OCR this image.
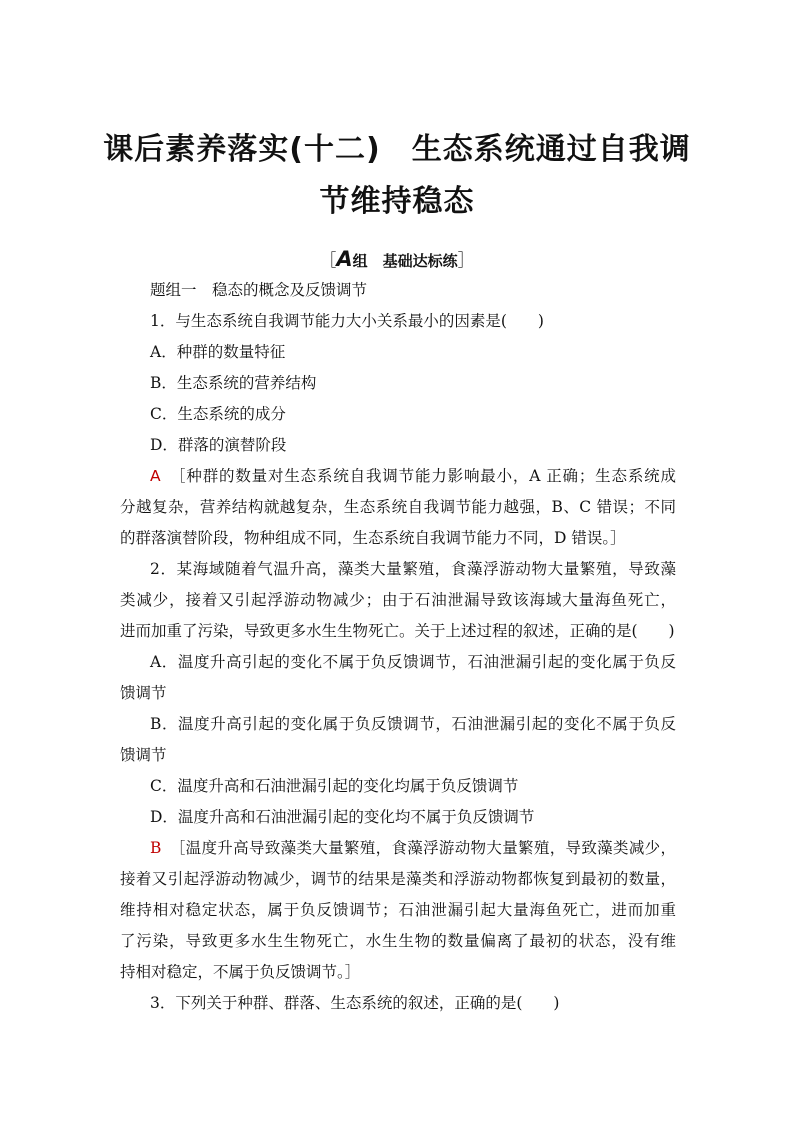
课后素养落实(十二)　生态系统通过自我调
节维持稳态
［A组　基础达标练］
题组一　稳态的概念及反馈调节
1．与生态系统自我调节能力大小关系最小的因素是(　　)
A．种群的数量特征
B．生态系统的营养结构
C．生态系统的成分
D．群落的演替阶段
A　 ［种群的数量对生态系统自我调节能力影响最小，A 正确；生态系统成
分越复杂，营养结构就越复杂，生态系统自我调节能力越强，B、C 错误；不同
的群落演替阶段，物种组成不同，生态系统自我调节能力不同，D 错误。］
2．某海域随着气温升高，藻类大量繁殖，食藻浮游动物大量繁殖，导致藻
类减少，接着又引起浮游动物减少；由于石油泄漏导致该海域大量海鱼死亡，
进而加重了污染，导致更多水生生物死亡。关于上述过程的叙述，正确的是(　　)
A．温度升高引起的变化不属于负反馈调节，石油泄漏引起的变化属于负反
馈调节
B．温度升高引起的变化属于负反馈调节，石油泄漏引起的变化不属于负反
馈调节
C．温度升高和石油泄漏引起的变化均属于负反馈调节
D．温度升高和石油泄漏引起的变化均不属于负反馈调节
B　 ［温度升高导致藻类大量繁殖，食藻浮游动物大量繁殖，导致藻类减少，
接着又引起浮游动物减少，调节的结果是藻类和浮游动物都恢复到最初的数量，
维持相对稳定状态，属于负反馈调节；石油泄漏引起大量海鱼死亡，进而加重
了污染，导致更多水生生物死亡，水生生物的数量偏离了最初的状态，没有维
持相对稳定，不属于负反馈调节。］
3．下列关于种群、群落、生态系统的叙述，正确的是(　　)
